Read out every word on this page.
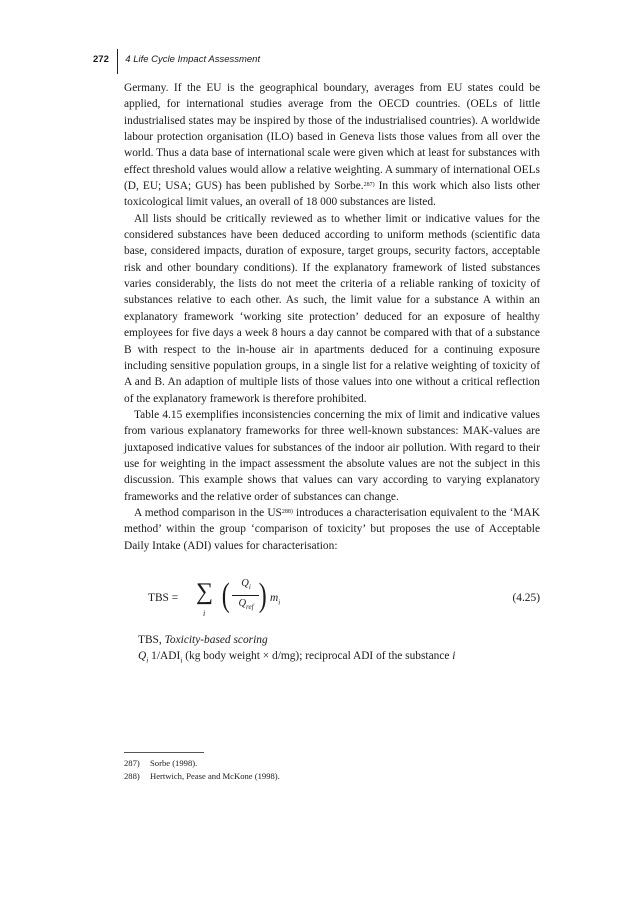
272	4 Life Cycle Impact Assessment

Germany. If the EU is the geographical boundary, averages from EU states could be applied, for international studies average from the OECD countries. (OELs of little industrialised states may be inspired by those of the industrialised countries). A worldwide labour protection organisation (ILO) based in Geneva lists those values from all over the world. Thus a data base of international scale were given which at least for substances with effect threshold values would allow a relative weighting. A summary of international OELs (D, EU; USA; GUS) has been published by Sorbe.$^{287)}$ In this work which also lists other toxicological limit values, an overall of 18 000 substances are listed.

All lists should be critically reviewed as to whether limit or indicative values for the considered substances have been deduced according to uniform methods (scientific data base, considered impacts, duration of exposure, target groups, security factors, acceptable risk and other boundary conditions). If the explanatory framework of listed substances varies considerably, the lists do not meet the criteria of a reliable ranking of toxicity of substances relative to each other. As such, the limit value for a substance A within an explanatory framework ‘working site protection’ deduced for an exposure of healthy employees for five days a week 8 hours a day cannot be compared with that of a substance B with respect to the in-house air in apartments deduced for a continuing exposure including sensitive population groups, in a single list for a relative weighting of toxicity of A and B. An adaption of multiple lists of those values into one without a critical reflection of the explanatory framework is therefore prohibited.

Table 4.15 exemplifies inconsistencies concerning the mix of limit and indicative values from various explanatory frameworks for three well-known substances: MAK-values are juxtaposed indicative values for substances of the indoor air pollution. With regard to their use for weighting in the impact assessment the absolute values are not the subject in this discussion. This example shows that values can vary according to varying explanatory frameworks and the relative order of substances can change.

A method comparison in the US$^{288)}$ introduces a characterisation equivalent to the ‘MAK method’ within the group ‘comparison of toxicity’ but proposes the use of Acceptable Daily Intake (ADI) values for characterisation:

TBS = ∑
i (	$Q_i$
$Q_{ref}$ ) $m_i$	(4.25)
TBS, Toxicity-based scoring
$Q_i$ $1/ADI_i$ (kg body weight × d/mg); reciprocal ADI of the substance i
287) Sorbe (1998).
288) Hertwich, Pease and McKone (1998).
